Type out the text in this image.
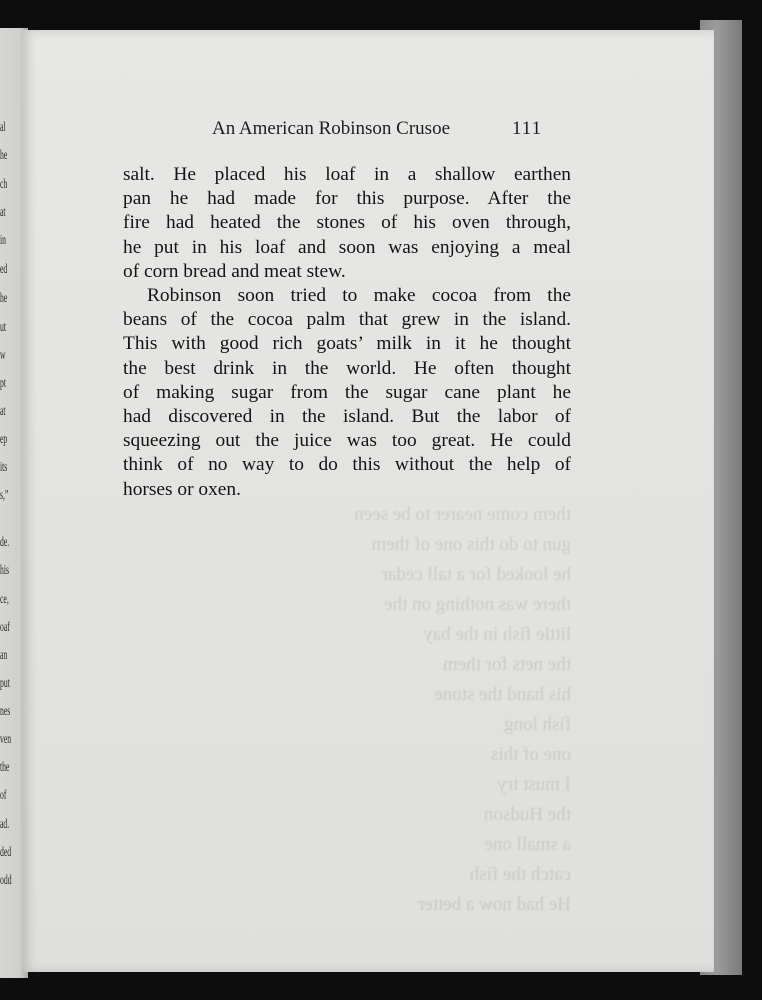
al
he
ch
at
in
ed
he
ut
w
pt
at
ep
its
s,”
de.
his
ce,
oaf
an
put
nes
ven
the
of
ad.
ded
odd
An American Robinson Crusoe	111
them come nearer to be seen
gun to do this one of them
he looked for a tall cedar
there was nothing on the
little fish in the bay
the nets for them
his hand the stone
fish long
one of this
I must try
the Hudson
a small one
catch the fish
He had now a better

salt. He placed his loaf in a shallow earthen
pan he had made for this purpose. After the
fire had heated the stones of his oven through,
he put in his loaf and soon was enjoying a meal
of corn bread and meat stew.

Robinson soon tried to make cocoa from the
beans of the cocoa palm that grew in the island.
This with good rich goats’ milk in it he thought
the best drink in the world. He often thought
of making sugar from the sugar cane plant he
had discovered in the island. But the labor of
squeezing out the juice was too great. He could
think of no way to do this without the help of
horses or oxen.
